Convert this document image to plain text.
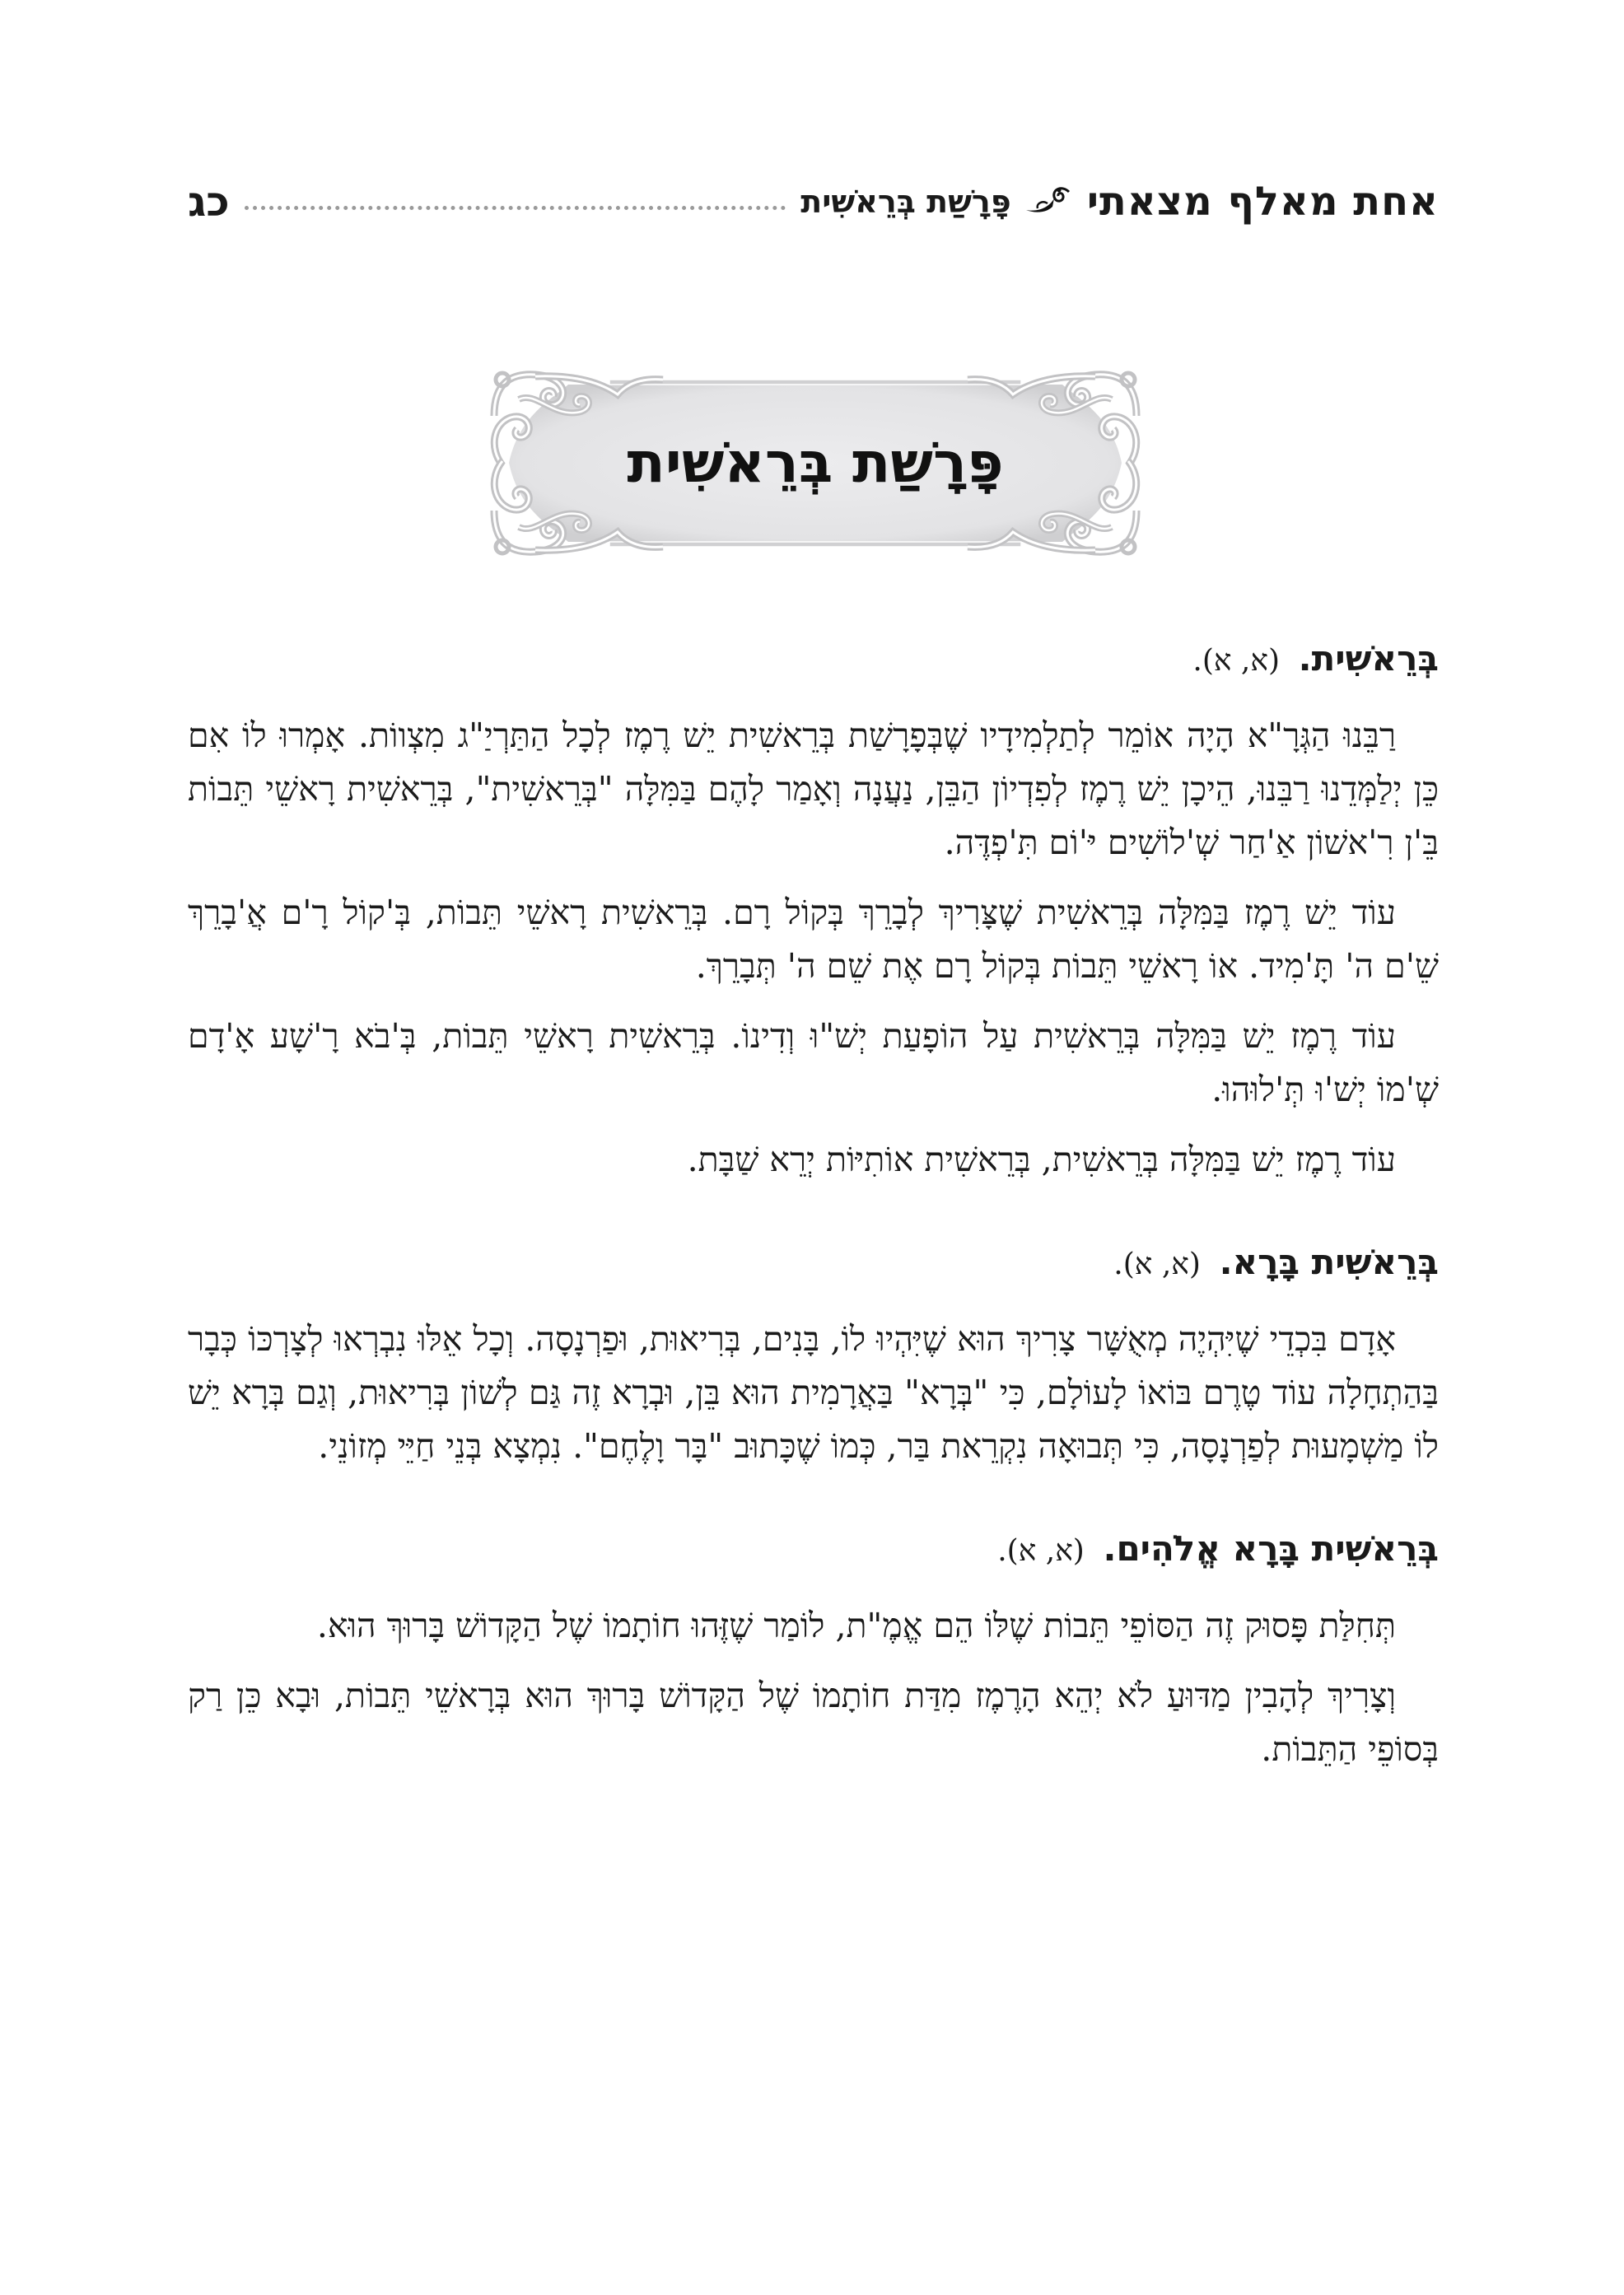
אחת מאלף מצאתי
פָּרָשַׁת בְּרֵאשִׁית
כג
פָּרָשַׁת בְּרֵאשִׁית
בְּרֵאשִׁית. (א, א).

רַבֵּנוּ הַגְּרָ"א הָיָה אוֹמֵר לְתַלְמִידָיו שֶׁבְּפָרָשַׁת בְּרֵאשִׁית יֵשׁ רֶמֶז לְכָל הַתַּרְיַ"ג מִצְווֹת. אָמְרוּ לוֹ אִם כֵּן יְלַמְּדֵנוּ רַבֵּנוּ, הֵיכָן יֵשׁ רֶמֶז לְפִדְיוֹן הַבֵּן, נַעֲנָה וְאָמַר לָהֶם בַּמִּלָּה "בְּרֵאשִׁית", בְּרֵאשִׁית רָאשֵׁי תֵּבוֹת בֵּ'ן רִ'אשׁוֹן אַ'חַר שְׁ'לוֹשִׁים יּ'וֹם תִּ'פְדֶּה.

עוֹד יֵשׁ רֶמֶז בַּמִּלָּה בְּרֵאשִׁית שֶׁצָּרִיךְ לְבָרֵךְ בְּקוֹל רָם. בְּרֵאשִׁית רָאשֵׁי תֵּבוֹת, בְּ'קוֹל רָ'ם אֲ'בָרֵךְ שֵׁ'ם ה' תָּ'מִיד. אוֹ רָאשֵׁי תֵּבוֹת בְּקוֹל רָם אֶת שֵׁם ה' תְּבָרֵךְ.

עוֹד רֶמֶז יֵשׁ בַּמִּלָּה בְּרֵאשִׁית עַל הוֹפָעַת יְשׁ"וּ וְדִינוֹ. בְּרֵאשִׁית רָאשֵׁי תֵּבוֹת, בְּ'בֹא רָ'שָׁע אָ'דָם שְׁ'מוֹ יְשׁ'וּ תְּ'לוּהוּ.

עוֹד רֶמֶז יֵשׁ בַּמִּלָּה בְּרֵאשִׁית, בְּרֵאשִׁית אוֹתִיּוֹת יְרֵא שַׁבָּת.

בְּרֵאשִׁית בָּרָא. (א, א).

אָדָם בִּכְדֵי שֶׁיִּהְיֶה מְאֻשָּׁר צָרִיךְ הוּא שֶׁיִּהְיוּ לוֹ, בָּנִים, בְּרִיאוּת, וּפַרְנָסָה. וְכָל אֵלּוּ נִבְרְאוּ לְצָרְכּוֹ כְּבָר בַּהַתְחָלָה עוֹד טֶרֶם בּוֹאוֹ לָעוֹלָם, כִּי "בְּרָא" בַּאֲרָמִית הוּא בֵּן, וּבְרָא זֶה גַּם לְשׁוֹן בְּרִיאוּת, וְגַם בְּרָא יֵשׁ לוֹ מַשְׁמָעוּת לְפַרְנָסָה, כִּי תְּבוּאָה נִקְרֵאת בַּר, כְּמוֹ שֶׁכָּתוּב "בָּר וָלֶחֶם". נִמְצָא בְּנֵי חַיֵּי מְזוֹנֵי.

בְּרֵאשִׁית בָּרָא אֱלֹהִים. (א, א).

תְּחִלַּת פָּסוּק זֶה הַסּוֹפֵי תֵּבוֹת שֶׁלּוֹ הֵם אֱמֶ"ת, לוֹמַר שֶׁזֶּהוּ חוֹתָמוֹ שֶׁל הַקָּדוֹשׁ בָּרוּךְ הוּא.

וְצָרִיךְ לְהָבִין מַדּוּעַ לֹא יְהֵא הָרֶמֶז מִדַּת חוֹתָמוֹ שֶׁל הַקָּדוֹשׁ בָּרוּךְ הוּא בְּרָאשֵׁי תֵּבוֹת, וּבָא כֵּן רַק בְּסוֹפֵי הַתֵּבוֹת.
